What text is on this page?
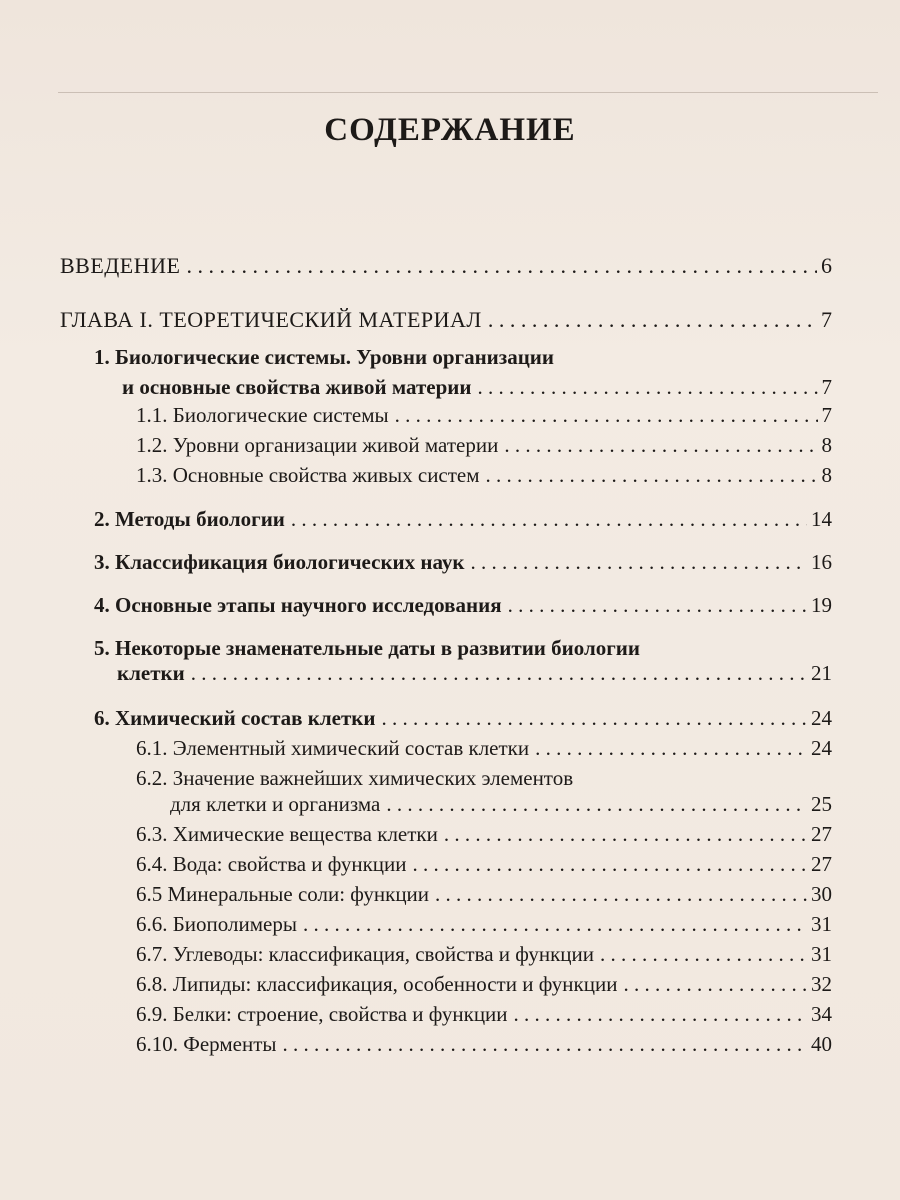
СОДЕРЖАНИЕ
ВВЕДЕНИЕ . . .	6
ГЛАВА I. ТЕОРЕТИЧЕСКИЙ МАТЕРИАЛ . . .	7
1. Биологические системы. Уровни организации
и основные свойства живой материи . . .	7
1.1. Биологические системы . . .	7
1.2. Уровни организации живой материи . . .	8
1.3. Основные свойства живых систем . . .	8
2. Методы биологии . . .	14
3. Классификация биологических наук . . .	16
4. Основные этапы научного исследования . . .	19
5. Некоторые знаменательные даты в развитии биологии
клетки . . .	21
6. Химический состав клетки . . .	24
6.1. Элементный химический состав клетки . . .	24
6.2. Значение важнейших химических элементов
для клетки и организма . . .	25
6.3. Химические вещества клетки . . .	27
6.4. Вода: свойства и функции . . .	27
6.5 Минеральные соли: функции . . .	30
6.6. Биополимеры . . .	31
6.7. Углеводы: классификация, свойства и функции . . .	31
6.8. Липиды: классификация, особенности и функции . . .	32
6.9. Белки: строение, свойства и функции . . .	34
6.10. Ферменты . . .	40
